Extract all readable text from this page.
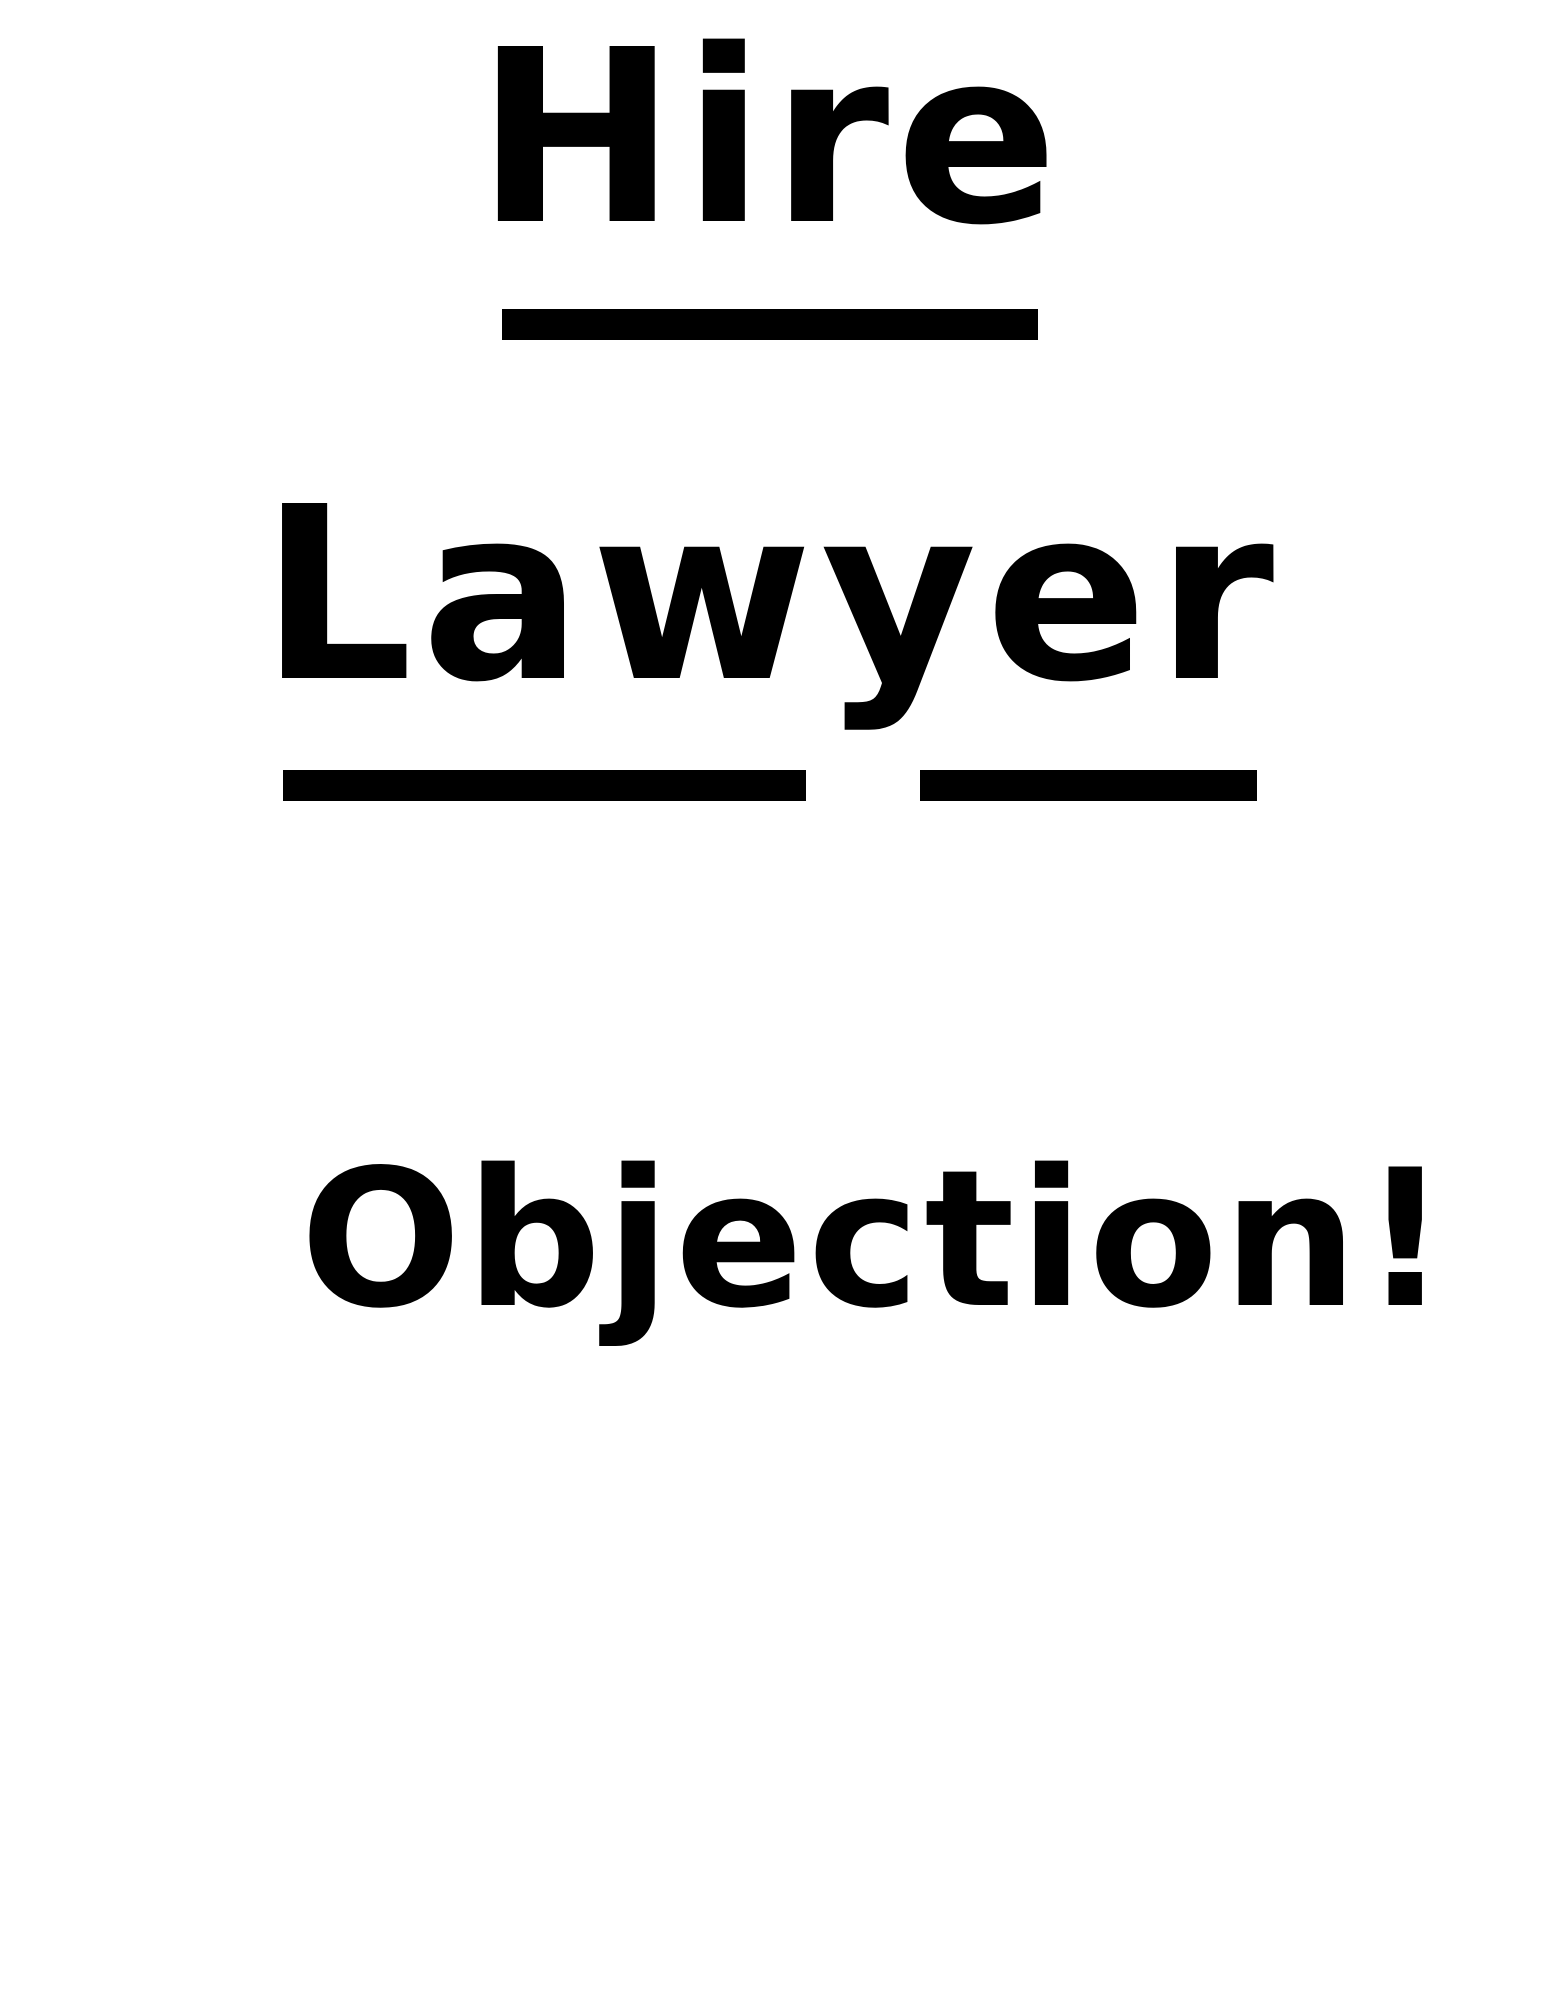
Hire
Lawyer

Objection!
